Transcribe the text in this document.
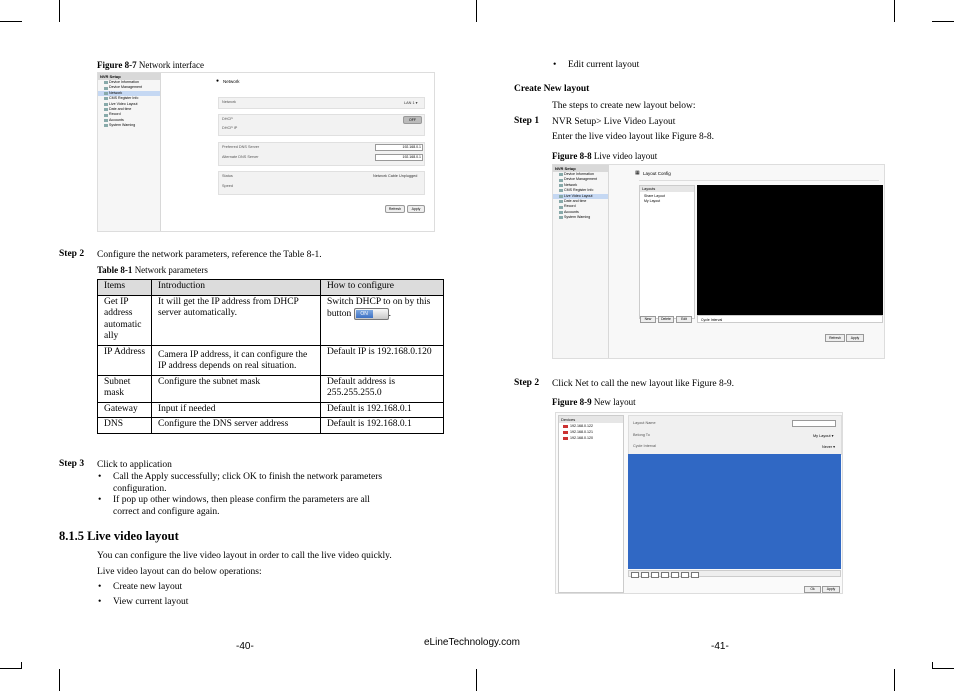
Figure 8-7 Network interface
NVR Setup
Device Information
Device Management
Network
CMS Register Info
Live Video Layout
Date and time
Record
Accounts
System Warning
● Network
Network	LAN 1 ▾
DHCP	OFF
DHCP IP
Preferred DNS Server	192.168.0.1
Alternate DNS Server	192.168.0.1
Status	Network Cable Unplugged
Speed
Refresh	Apply
Step 2 Configure the network parameters, reference the Table 8-1.
Table 8-1 Network parameters
Items	Introduction	How to configure
Get IP address automatic ally	It will get the IP address from DHCP server automatically.	Switch DHCP to on by this button ON .
IP Address	Camera IP address, it can configure the IP address depends on real situation.	Default IP is 192.168.0.120
Subnet mask	Configure the subnet mask	Default address is 255.255.255.0
Gateway	Input if needed	Default is 192.168.0.1
DNS	Configure the DNS server address	Default is 192.168.0.1
Step 3 Click to application
• Call the Apply successfully; click OK to finish the network parameters configuration.
• If pop up other windows, then please confirm the parameters are all correct and configure again.
8.1.5 Live video layout
You can configure the live video layout in order to call the live video quickly.
Live video layout can do below operations:
• Create new layout
• View current layout
-40-	eLineTechnology.com
• Edit current layout
Create New layout
The steps to create new layout below:
Step 1 NVR Setup> Live Video Layout
Enter the live video layout like Figure 8-8.
Figure 8-8 Live video layout
NVR Setup
Device Information
Device Management
Network
CMS Register Info
Live Video Layout
Date and time
Record
Accounts
System Warning
▦ Layout Config
Layouts
Share Layout
My Layout
Cycle Interval
New	Delete	Edit
Refresh	Apply
Step 2 Click Net to call the new layout like Figure 8-9.
Figure 8-9 New layout
Devices
192.168.0.122
192.168.0.121
192.168.0.120
Layout Name
Belong To	My Layout ▾
Cycle Interval	Never ▾
Ok	Apply
-41-
